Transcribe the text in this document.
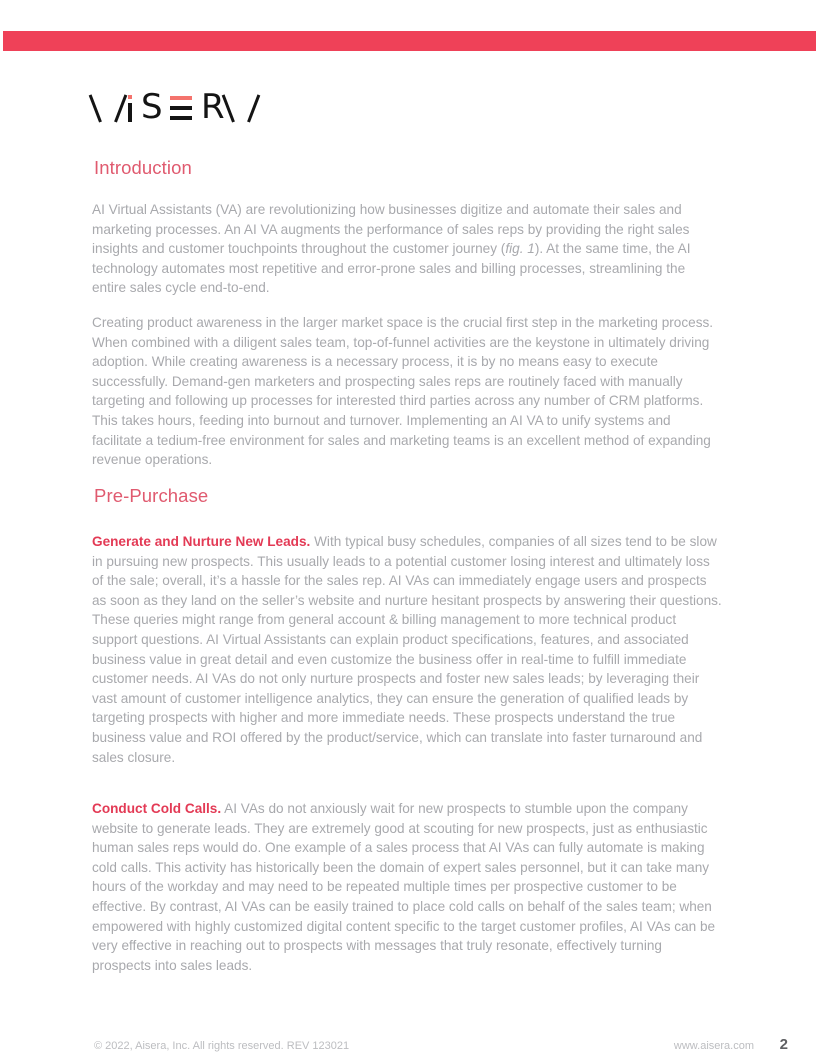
S R
Introduction
AI Virtual Assistants (VA) are revolutionizing how businesses digitize and automate their sales and marketing processes. An AI VA augments the performance of sales reps by providing the right sales insights and customer touchpoints throughout the customer journey (fig. 1). At the same time, the AI technology automates most repetitive and error-prone sales and billing processes, streamlining the entire sales cycle end-to-end.
Creating product awareness in the larger market space is the crucial first step in the marketing process. When combined with a diligent sales team, top-of-funnel activities are the keystone in ultimately driving adoption. While creating awareness is a necessary process, it is by no means easy to execute successfully. Demand-gen marketers and prospecting sales reps are routinely faced with manually targeting and following up processes for interested third parties across any number of CRM platforms. This takes hours, feeding into burnout and turnover. Implementing an AI VA to unify systems and facilitate a tedium-free environment for sales and marketing teams is an excellent method of expanding revenue operations.
Pre-Purchase
Generate and Nurture New Leads. With typical busy schedules, companies of all sizes tend to be slow in pursuing new prospects. This usually leads to a potential customer losing interest and ultimately loss of the sale; overall, it’s a hassle for the sales rep. AI VAs can immediately engage users and prospects as soon as they land on the seller’s website and nurture hesitant prospects by answering their questions. These queries might range from general account & billing management to more technical product support questions. AI Virtual Assistants can explain product specifications, features, and associated business value in great detail and even customize the business offer in real-time to fulfill immediate customer needs. AI VAs do not only nurture prospects and foster new sales leads; by leveraging their vast amount of customer intelligence analytics, they can ensure the generation of qualified leads by targeting prospects with higher and more immediate needs. These prospects understand the true business value and ROI offered by the product/service, which can translate into faster turnaround and sales closure.
Conduct Cold Calls. AI VAs do not anxiously wait for new prospects to stumble upon the company website to generate leads. They are extremely good at scouting for new prospects, just as enthusiastic human sales reps would do. One example of a sales process that AI VAs can fully automate is making cold calls. This activity has historically been the domain of expert sales personnel, but it can take many hours of the workday and may need to be repeated multiple times per prospective customer to be effective. By contrast, AI VAs can be easily trained to place cold calls on behalf of the sales team; when empowered with highly customized digital content specific to the target customer profiles, AI VAs can be very effective in reaching out to prospects with messages that truly resonate, effectively turning prospects into sales leads.
© 2022, Aisera, Inc. All rights reserved. REV 123021	www.aisera.com 2
